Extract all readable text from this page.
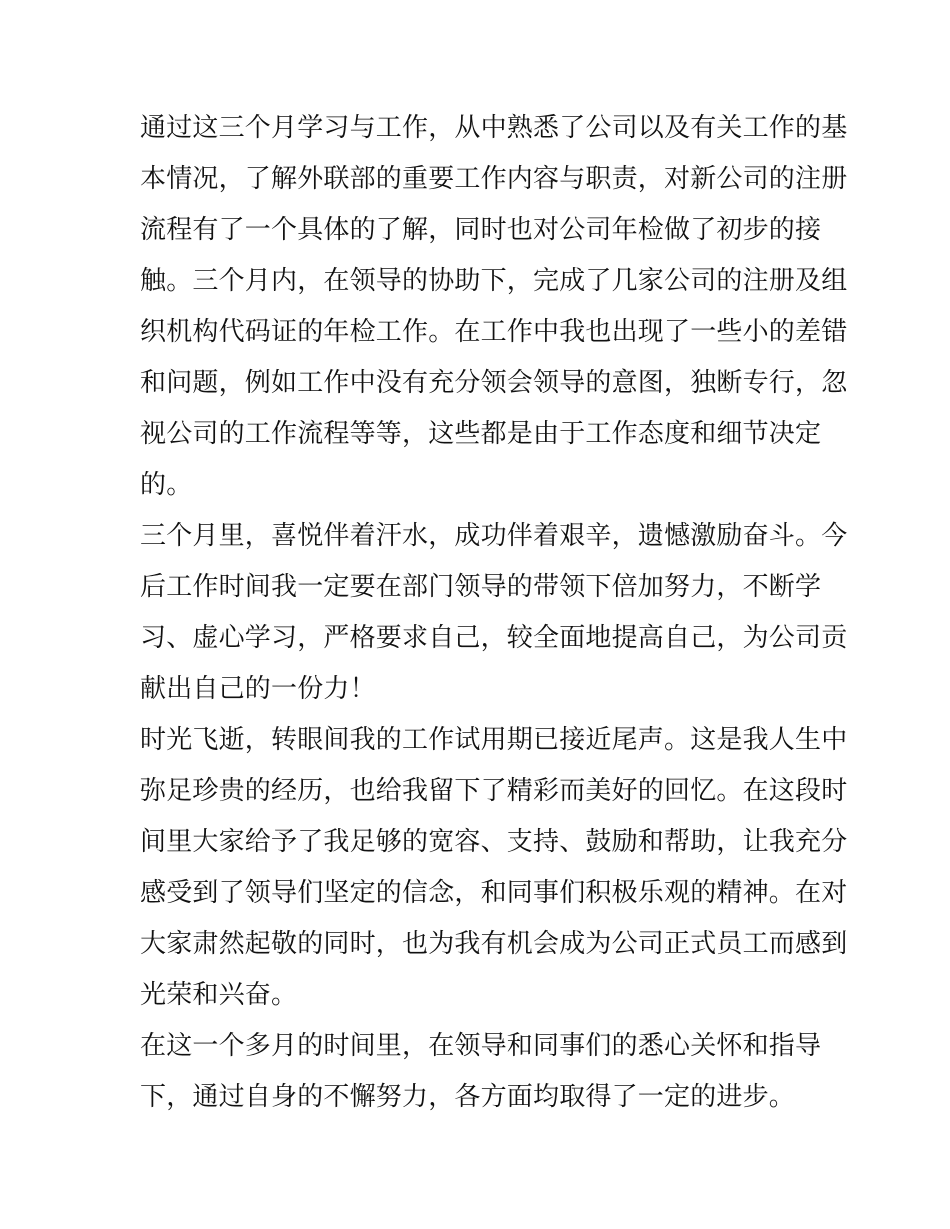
通过这三个月学习与工作，从中熟悉了公司以及有关工作的基
本情况，了解外联部的重要工作内容与职责，对新公司的注册
流程有了一个具体的了解，同时也对公司年检做了初步的接
触。三个月内，在领导的协助下，完成了几家公司的注册及组
织机构代码证的年检工作。在工作中我也出现了一些小的差错
和问题，例如工作中没有充分领会领导的意图，独断专行，忽
视公司的工作流程等等，这些都是由于工作态度和细节决定
的。
三个月里，喜悦伴着汗水，成功伴着艰辛，遗憾激励奋斗。今
后工作时间我一定要在部门领导的带领下倍加努力，不断学
习、虚心学习，严格要求自己，较全面地提高自己，为公司贡
献出自己的一份力！
时光飞逝，转眼间我的工作试用期已接近尾声。这是我人生中
弥足珍贵的经历，也给我留下了精彩而美好的回忆。在这段时
间里大家给予了我足够的宽容、支持、鼓励和帮助，让我充分
感受到了领导们坚定的信念，和同事们积极乐观的精神。在对
大家肃然起敬的同时，也为我有机会成为公司正式员工而感到
光荣和兴奋。
在这一个多月的时间里，在领导和同事们的悉心关怀和指导
下，通过自身的不懈努力，各方面均取得了一定的进步。
